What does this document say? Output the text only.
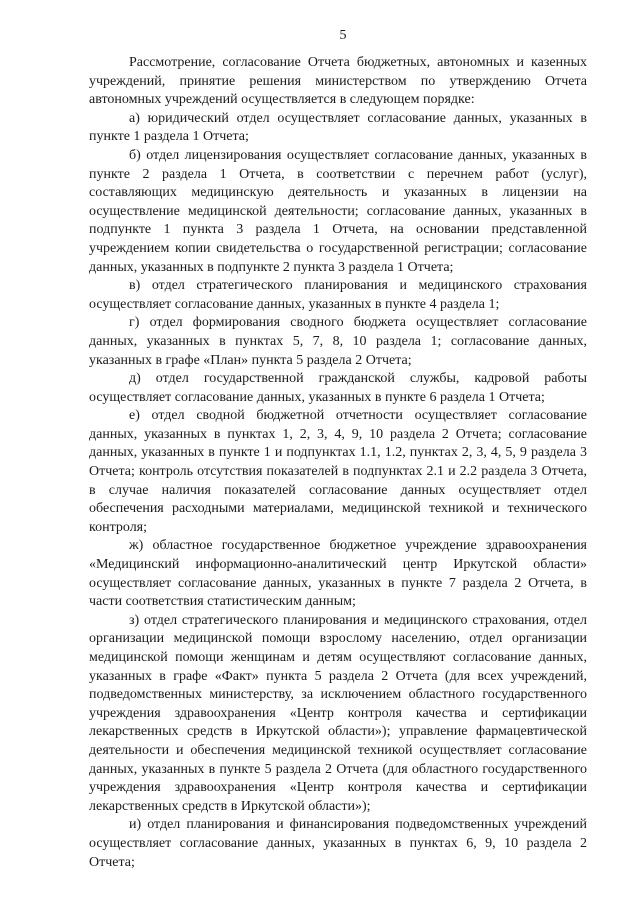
5

Рассмотрение, согласование Отчета бюджетных, автономных и казенных учреждений, принятие решения министерством по утверждению Отчета автономных учреждений осуществляется в следующем порядке:

а) юридический отдел осуществляет согласование данных, указанных в пункте 1 раздела 1 Отчета;

б) отдел лицензирования осуществляет согласование данных, указанных в пункте 2 раздела 1 Отчета, в соответствии с перечнем работ (услуг), составляющих медицинскую деятельность и указанных в лицензии на осуществление медицинской деятельности; согласование данных, указанных в подпункте 1 пункта 3 раздела 1 Отчета, на основании представленной учреждением копии свидетельства о государственной регистрации; согласование данных, указанных в подпункте 2 пункта 3 раздела 1 Отчета;

в) отдел стратегического планирования и медицинского страхования осуществляет согласование данных, указанных в пункте 4 раздела 1;

г) отдел формирования сводного бюджета осуществляет согласование данных, указанных в пунктах 5, 7, 8, 10 раздела 1; согласование данных, указанных в графе «План» пункта 5 раздела 2 Отчета;

д) отдел государственной гражданской службы, кадровой работы осуществляет согласование данных, указанных в пункте 6 раздела 1 Отчета;

е) отдел сводной бюджетной отчетности осуществляет согласование данных, указанных в пунктах 1, 2, 3, 4, 9, 10 раздела 2 Отчета; согласование данных, указанных в пункте 1 и подпунктах 1.1, 1.2, пунктах 2, 3, 4, 5, 9 раздела 3 Отчета; контроль отсутствия показателей в подпунктах 2.1 и 2.2 раздела 3 Отчета, в случае наличия показателей согласование данных осуществляет отдел обеспечения расходными материалами, медицинской техникой и технического контроля;

ж) областное государственное бюджетное учреждение здравоохранения «Медицинский информационно-аналитический центр Иркутской области» осуществляет согласование данных, указанных в пункте 7 раздела 2 Отчета, в части соответствия статистическим данным;

з) отдел стратегического планирования и медицинского страхования, отдел организации медицинской помощи взрослому населению, отдел организации медицинской помощи женщинам и детям осуществляют согласование данных, указанных в графе «Факт» пункта 5 раздела 2 Отчета (для всех учреждений, подведомственных министерству, за исключением областного государственного учреждения здравоохранения «Центр контроля качества и сертификации лекарственных средств в Иркутской области»); управление фармацевтической деятельности и обеспечения медицинской техникой осуществляет согласование данных, указанных в пункте 5 раздела 2 Отчета (для областного государственного учреждения здравоохранения «Центр контроля качества и сертификации лекарственных средств в Иркутской области»);

и) отдел планирования и финансирования подведомственных учреждений осуществляет согласование данных, указанных в пунктах 6, 9, 10 раздела 2 Отчета;
